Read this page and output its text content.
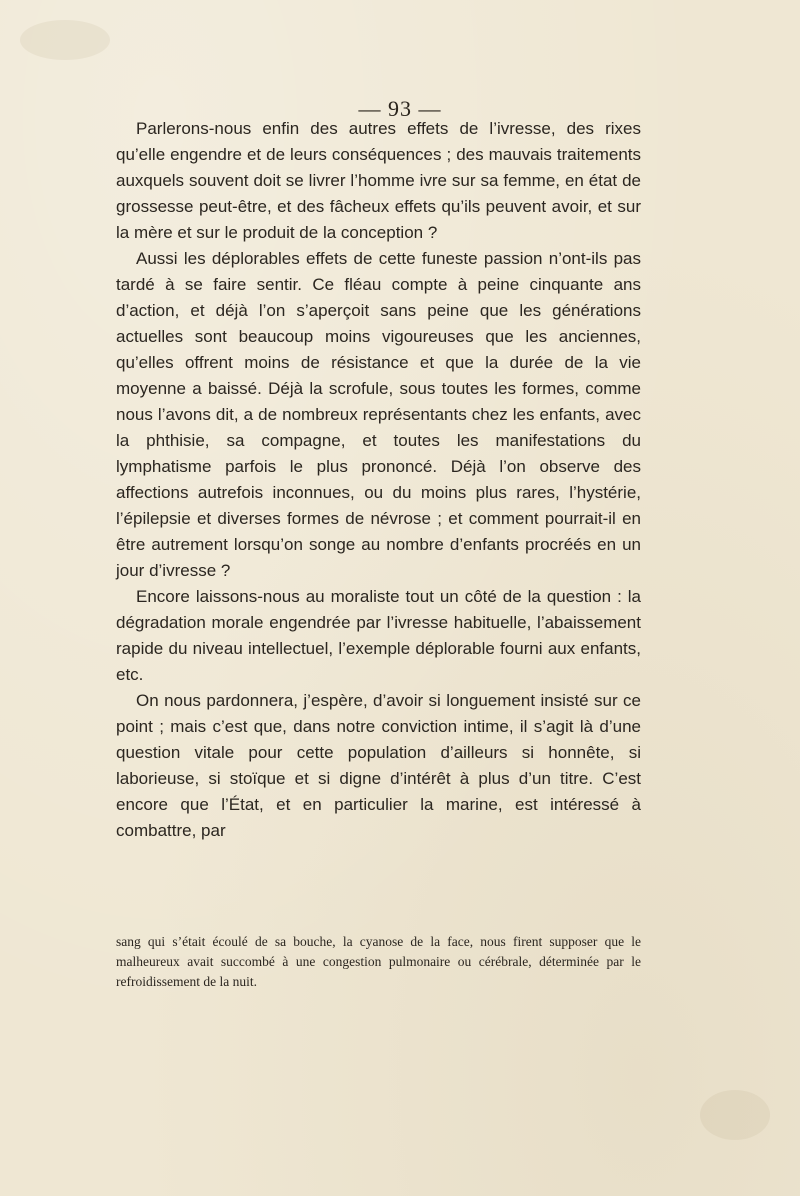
— 93 —

Parlerons-nous enfin des autres effets de l’ivresse, des rixes qu’elle engendre et de leurs conséquences ; des mauvais traitements auxquels souvent doit se livrer l’homme ivre sur sa femme, en état de grossesse peut-être, et des fâcheux effets qu’ils peuvent avoir, et sur la mère et sur le produit de la conception ?

Aussi les déplorables effets de cette funeste passion n’ont-ils pas tardé à se faire sentir. Ce fléau compte à peine cinquante ans d’action, et déjà l’on s’aperçoit sans peine que les générations actuelles sont beaucoup moins vigoureuses que les anciennes, qu’elles offrent moins de résistance et que la durée de la vie moyenne a baissé. Déjà la scrofule, sous toutes les formes, comme nous l’avons dit, a de nombreux représentants chez les enfants, avec la phthisie, sa compagne, et toutes les manifestations du lymphatisme parfois le plus prononcé. Déjà l’on observe des affections autrefois inconnues, ou du moins plus rares, l’hystérie, l’épilepsie et diverses formes de névrose ; et comment pourrait-il en être autrement lorsqu’on songe au nombre d’enfants procréés en un jour d’ivresse ?

Encore laissons-nous au moraliste tout un côté de la question : la dégradation morale engendrée par l’ivresse habituelle, l’abaissement rapide du niveau intellectuel, l’exemple déplorable fourni aux enfants, etc.

On nous pardonnera, j’espère, d’avoir si longuement insisté sur ce point ; mais c’est que, dans notre conviction intime, il s’agit là d’une question vitale pour cette population d’ailleurs si honnête, si laborieuse, si stoïque et si digne d’intérêt à plus d’un titre. C’est encore que l’État, et en particulier la marine, est intéressé à combattre, par

sang qui s’était écoulé de sa bouche, la cyanose de la face, nous firent supposer que le malheureux avait succombé à une congestion pulmonaire ou cérébrale, déterminée par le refroidissement de la nuit.
